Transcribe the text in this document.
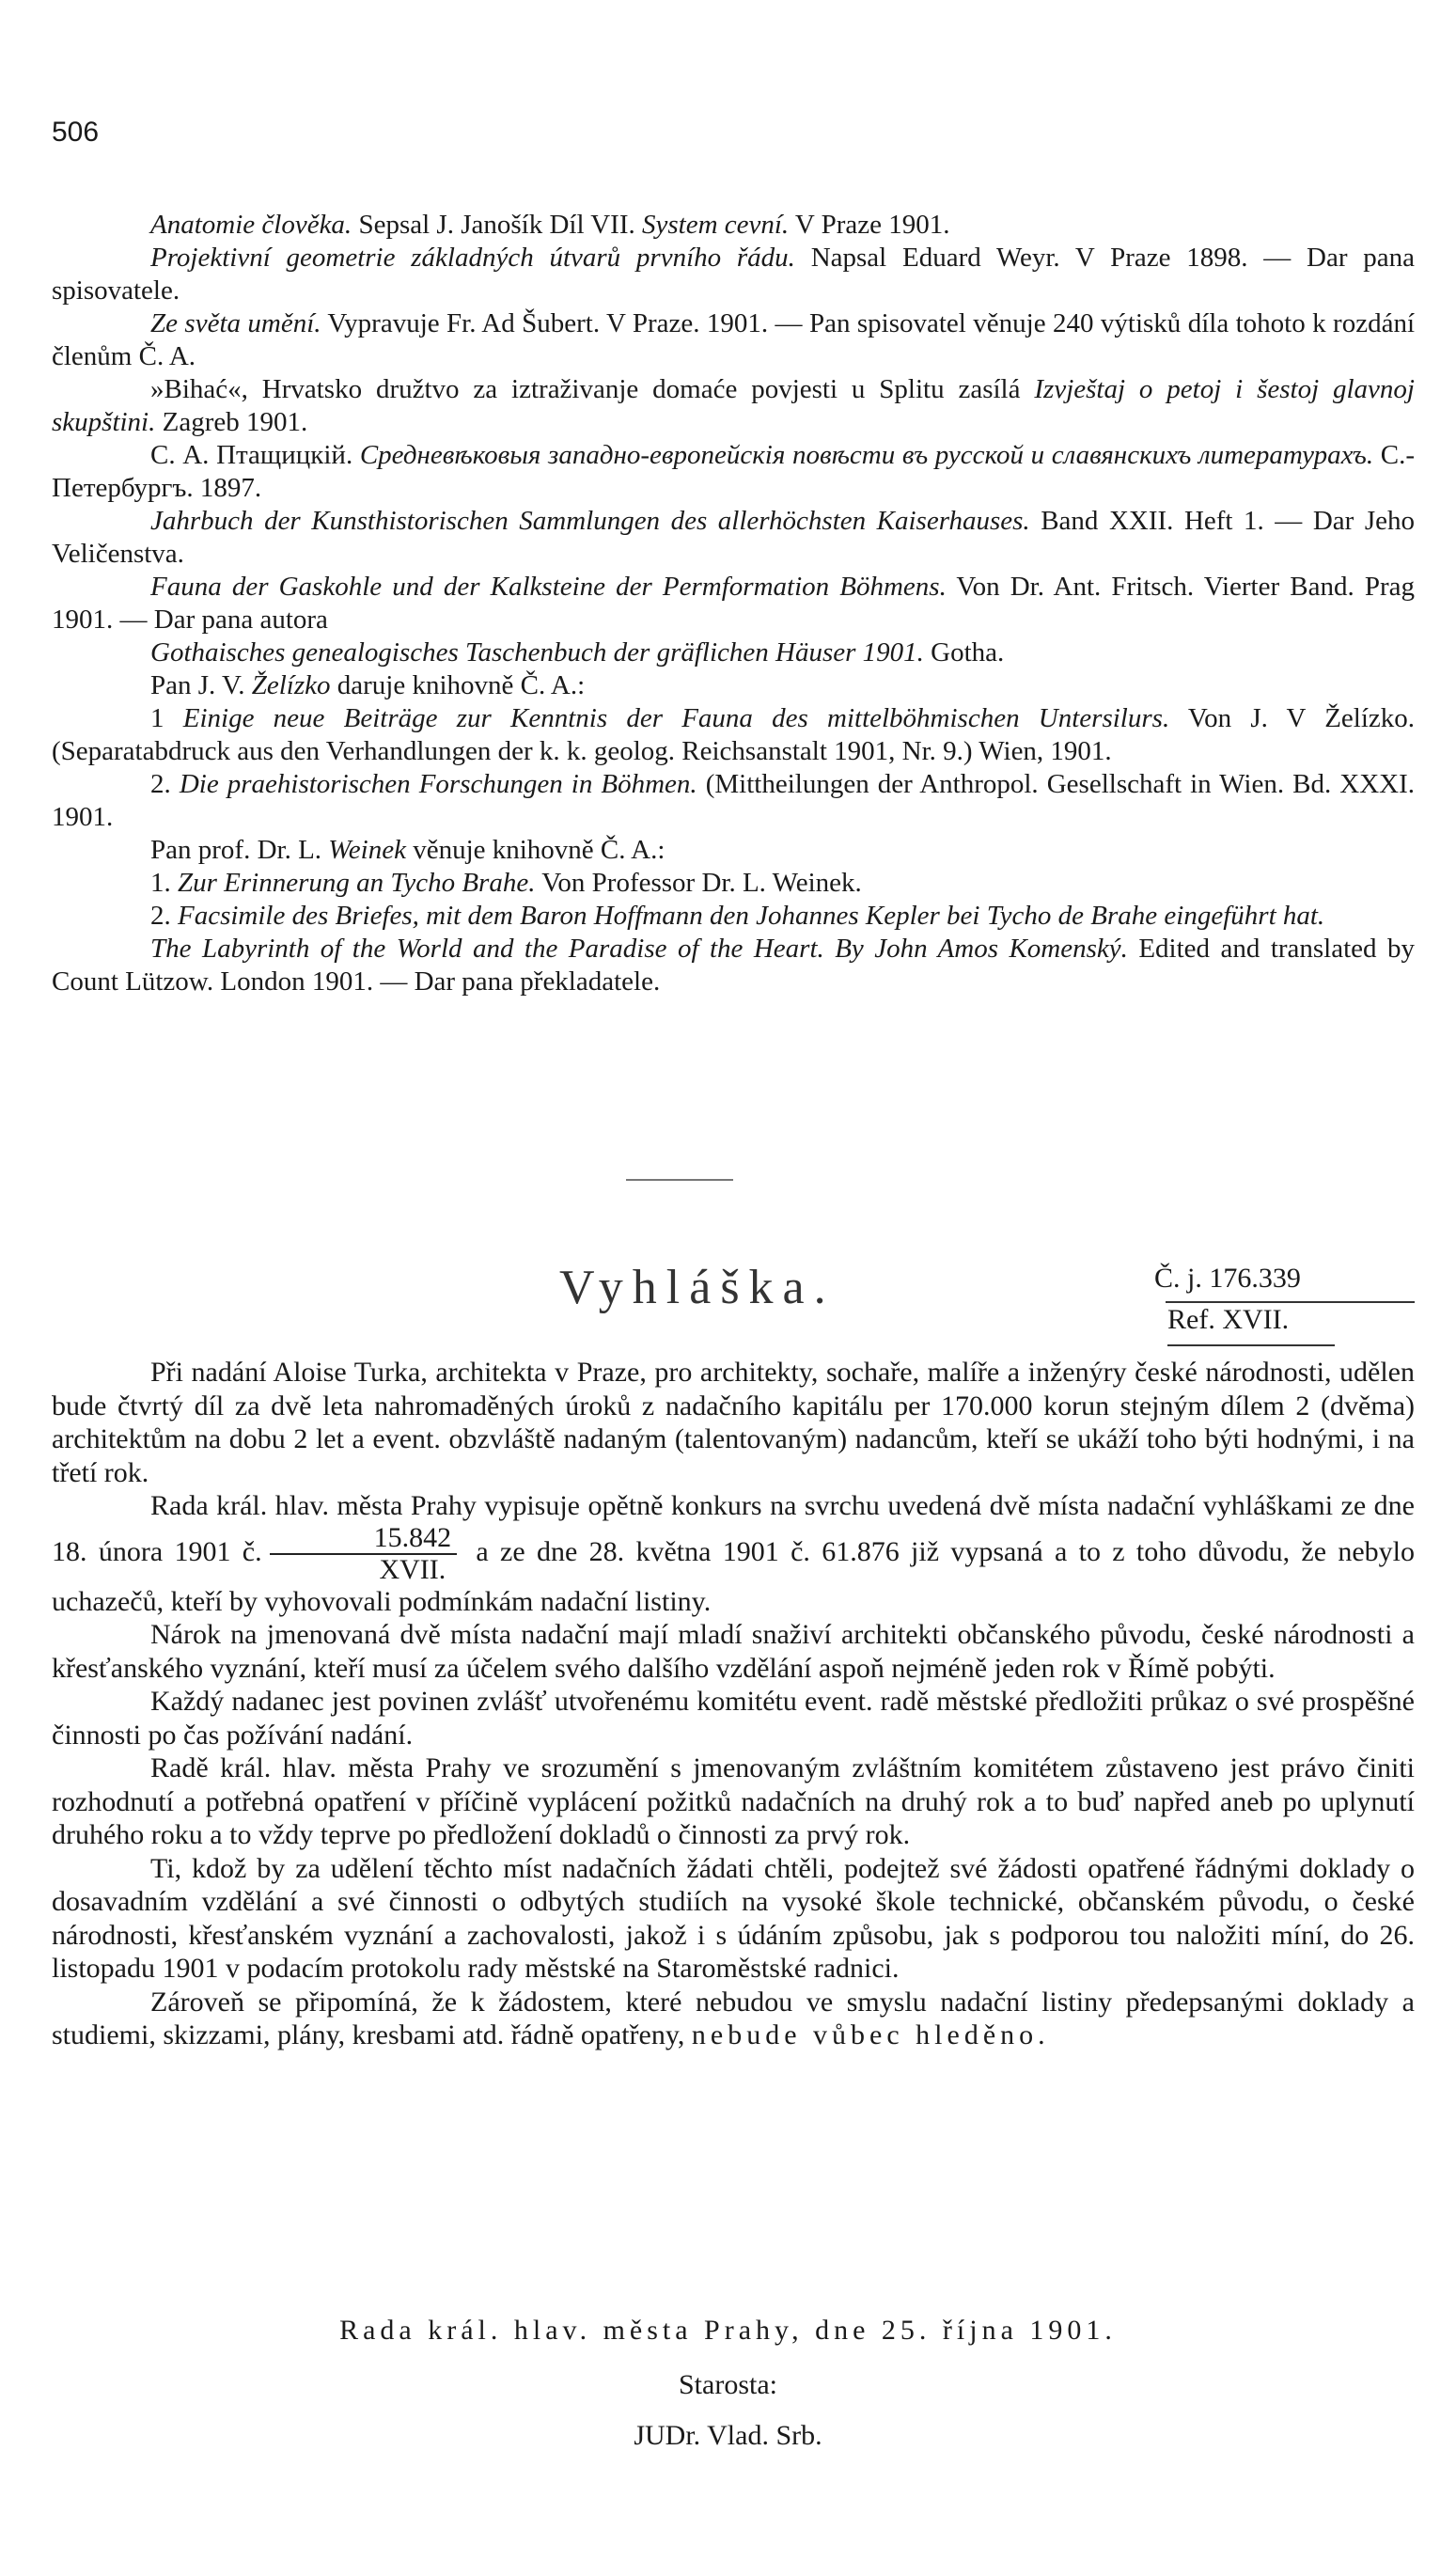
506

Anatomie člověka. Sepsal J. Janošík Díl VII. System cevní. V Praze 1901.

Projektivní geometrie základných útvarů prvního řádu. Napsal Eduard Weyr. V Praze 1898. — Dar pana spisovatele.

Ze světa umění. Vypravuje Fr. Ad Šubert. V Praze. 1901. — Pan spisovatel věnuje 240 výtisků díla tohoto k rozdání členům Č. A.

»Bihać«, Hrvatsko družtvo za iztraživanje domaće povjesti u Splitu zasílá Izvještaj o petoj i šestoj glavnoj skupštini. Zagreb 1901.

С. А. Птащицкій. Средневѣковыя западно-европейскія повѣсти въ русской и славянскихъ литературахъ. С.-Петербургъ. 1897.

Jahrbuch der Kunsthistorischen Sammlungen des allerhöchsten Kaiserhauses. Band XXII. Heft 1. — Dar Jeho Veličenstva.

Fauna der Gaskohle und der Kalksteine der Permformation Böhmens. Von Dr. Ant. Fritsch. Vierter Band. Prag 1901. — Dar pana autora

Gothaisches genealogisches Taschenbuch der gräflichen Häuser 1901. Gotha.

Pan J. V. Želízko daruje knihovně Č. A.:

1 Einige neue Beiträge zur Kenntnis der Fauna des mittelböhmischen Untersilurs. Von J. V Želízko. (Separatabdruck aus den Verhandlungen der k. k. geolog. Reichsanstalt 1901, Nr. 9.) Wien, 1901.

2. Die praehistorischen Forschungen in Böhmen. (Mittheilungen der Anthropol. Gesellschaft in Wien. Bd. XXXI. 1901.

Pan prof. Dr. L. Weinek věnuje knihovně Č. A.:

1. Zur Erinnerung an Tycho Brahe. Von Professor Dr. L. Weinek.

2. Facsimile des Briefes, mit dem Baron Hoffmann den Johannes Kepler bei Tycho de Brahe eingeführt hat.

The Labyrinth of the World and the Paradise of the Heart. By John Amos Komenský. Edited and translated by Count Lützow. London 1901. — Dar pana překladatele.

Vyhláška.	Č. j. 176.339
Ref. XVII.

Při nadání Aloise Turka, architekta v Praze, pro architekty, sochaře, malíře a inženýry české národnosti, udělen bude čtvrtý díl za dvě leta nahromaděných úroků z nadačního kapitálu per 170.000 korun stejným dílem 2 (dvěma) architektům na dobu 2 let a event. obzvláště nadaným (talentovaným) nadancům, kteří se ukáží toho býti hodnými, i na třetí rok.

Rada král. hlav. města Prahy vypisuje opětně konkurs na svrchu uvedená dvě místa nadační vyhláškami ze dne 18. února 1901 č. $\frac{15.842}{\text{XVII.}}$ a ze dne 28. května 1901 č. 61.876 již vypsaná a to z toho důvodu, že nebylo uchazečů, kteří by vyhovovali podmínkám nadační listiny.

Nárok na jmenovaná dvě místa nadační mají mladí snaživí architekti občanského původu, české národnosti a křesťanského vyznání, kteří musí za účelem svého dalšího vzdělání aspoň nejméně jeden rok v Římě pobýti.

Každý nadanec jest povinen zvlášť utvořenému komitétu event. radě městské předložiti průkaz o své prospěšné činnosti po čas požívání nadání.

Radě král. hlav. města Prahy ve srozumění s jmenovaným zvláštním komitétem zůstaveno jest právo činiti rozhodnutí a potřebná opatření v příčině vyplácení požitků nadačních na druhý rok a to buď napřed aneb po uplynutí druhého roku a to vždy teprve po předložení dokladů o činnosti za prvý rok.

Ti, kdož by za udělení těchto míst nadačních žádati chtěli, podejtež své žádosti opatřené řádnými doklady o dosavadním vzdělání a své činnosti o odbytých studiích na vysoké škole technické, občanském původu, o české národnosti, křesťanském vyznání a zachovalosti, jakož i s údáním způsobu, jak s podporou tou naložiti míní, do 26. listopadu 1901 v podacím protokolu rady městské na Staroměstské radnici.

Zároveň se připomíná, že k žádostem, které nebudou ve smyslu nadační listiny předepsanými doklady a studiemi, skizzami, plány, kresbami atd. řádně opatřeny, nebude vůbec hleděno.

Rada král. hlav. města Prahy, dne 25. října 1901.
Starosta:
JUDr. Vlad. Srb.
